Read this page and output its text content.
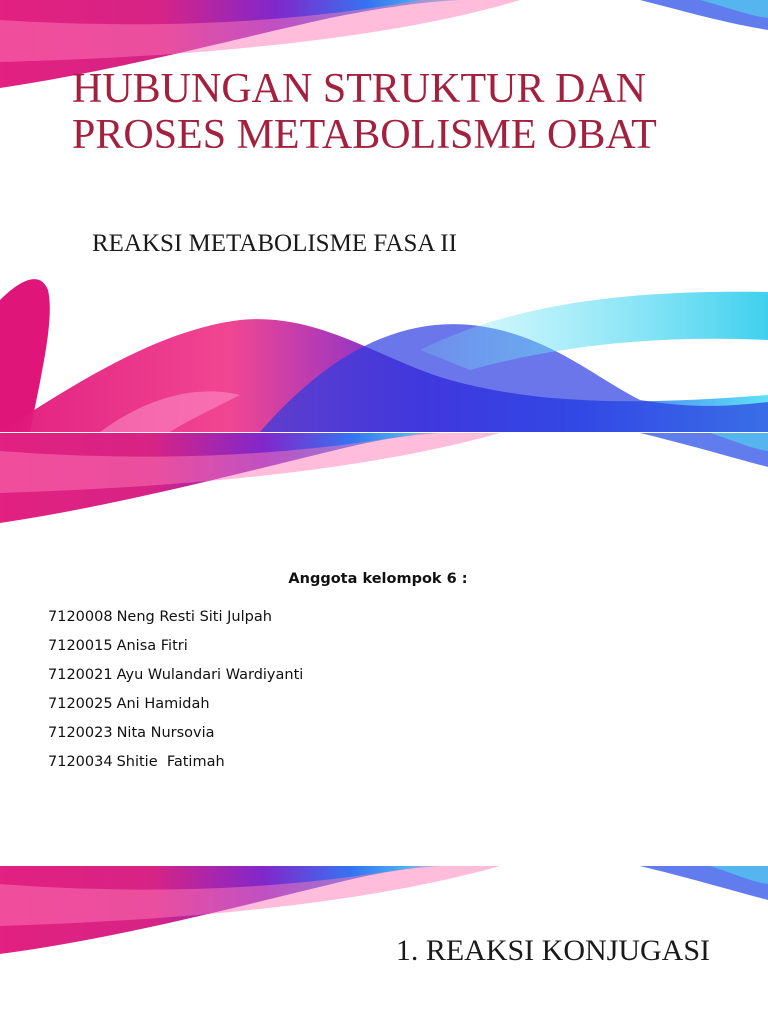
HUBUNGAN STRUKTUR DAN PROSES METABOLISME OBAT
REAKSI METABOLISME FASA II
Anggota kelompok 6 :
7120008 Neng Resti Siti Julpah
7120015 Anisa Fitri
7120021 Ayu Wulandari Wardiyanti
7120025 Ani Hamidah
7120023 Nita Nursovia
7120034 Shitie  Fatimah
1. REAKSI KONJUGASI
